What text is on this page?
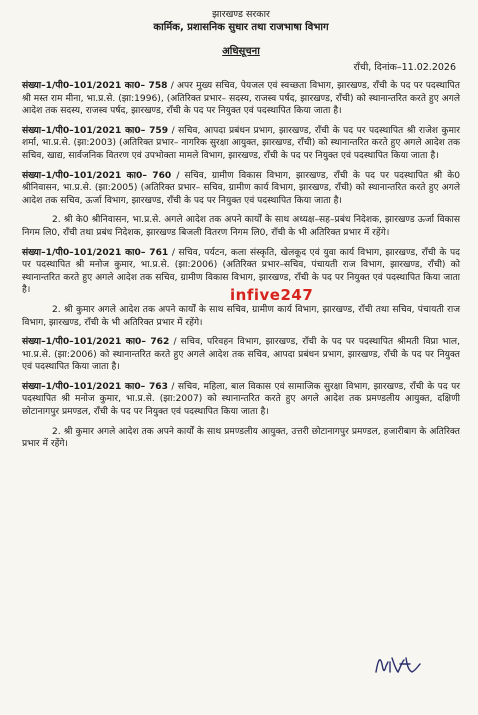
झारखण्ड सरकार
कार्मिक, प्रशासनिक सुधार तथा राजभाषा विभाग
अधिसूचना
रॉंची, दिनांक–11.02.2026
संख्या–1/पी0–101/2021 का0– 758 / अपर मुख्य सचिव, पेयजल एवं स्वच्छता विभाग, झारखण्ड, रॉंची के पद पर पदस्थापित श्री मस्त राम मीना, भा.प्र.से. (झा:1996), (अतिरिक्त प्रभार– सदस्य, राजस्व पर्षद, झारखण्ड, रॉंची) को स्थानान्तरित करते हुए अगले आदेश तक सदस्य, राजस्व पर्षद, झारखण्ड, रॉंची के पद पर नियुक्त एवं पदस्थापित किया जाता है।
संख्या–1/पी0–101/2021 का0– 759 / सचिव, आपदा प्रबंधन प्रभाग, झारखण्ड, रॉंची के पद पर पदस्थापित श्री राजेश कुमार शर्मा, भा.प्र.से. (झा:2003) (अतिरिक्त प्रभार– नागरिक सुरक्षा आयुक्त, झारखण्ड, रॉंची) को स्थानान्तरित करते हुए अगले आदेश तक सचिव, खाद्य, सार्वजनिक वितरण एवं उपभोक्ता मामले विभाग, झारखण्ड, रॉंची के पद पर नियुक्त एवं पदस्थापित किया जाता है।
संख्या–1/पी0–101/2021 का0– 760 / सचिव, ग्रामीण विकास विभाग, झारखण्ड, रॉंची के पद पर पदस्थापित श्री के0 श्रीनिवासन, भा.प्र.से. (झा:2005) (अतिरिक्त प्रभार– सचिव, ग्रामीण कार्य विभाग, झारखण्ड, रॉंची) को स्थानान्तरित करते हुए अगले आदेश तक सचिव, ऊर्जा विभाग, झारखण्ड, रॉंची के पद पर नियुक्त एवं पदस्थापित किया जाता है।
2. श्री के0 श्रीनिवासन, भा.प्र.से. अगले आदेश तक अपने कार्यों के साथ अध्यक्ष–सह–प्रबंध निदेशक, झारखण्ड ऊर्जा विकास निगम लि0, रॉंची तथा प्रबंध निदेशक, झारखण्ड बिजली वितरण निगम लि0, रॉंची के भी अतिरिक्त प्रभार में रहेंगे।
संख्या–1/पी0–101/2021 का0– 761 / सचिव, पर्यटन, कला संस्कृति, खेलकूद एवं युवा कार्य विभाग, झारखण्ड, रॉंची के पद पर पदस्थापित श्री मनोज कुमार, भा.प्र.से. (झा:2006) (अतिरिक्त प्रभार–सचिव, पंचायती राज विभाग, झारखण्ड, रॉंची) को स्थानान्तरित करते हुए अगले आदेश तक सचिव, ग्रामीण विकास विभाग, झारखण्ड, रॉंची के पद पर नियुक्त एवं पदस्थापित किया जाता है।
2. श्री कुमार अगले आदेश तक अपने कार्यों के साथ सचिव, ग्रामीण कार्य विभाग, झारखण्ड, रॉंची तथा सचिव, पंचायती राज विभाग, झारखण्ड, रॉंची के भी अतिरिक्त प्रभार में रहेंगे।
संख्या–1/पी0–101/2021 का0– 762 / सचिव, परिवहन विभाग, झारखण्ड, रॉंची के पद पर पदस्थापित श्रीमती विप्रा भाल, भा.प्र.से. (झा:2006) को स्थानान्तरित करते हुए अगले आदेश तक सचिव, आपदा प्रबंधन प्रभाग, झारखण्ड, रॉंची के पद पर नियुक्त एवं पदस्थापित किया जाता है।
संख्या–1/पी0–101/2021 का0– 763 / सचिव, महिला, बाल विकास एवं सामाजिक सुरक्षा विभाग, झारखण्ड, रॉंची के पद पर पदस्थापित श्री मनोज कुमार, भा.प्र.से. (झा:2007) को स्थानान्तरित करते हुए अगले आदेश तक प्रमण्डलीय आयुक्त, दक्षिणी छोटानागपुर प्रमण्डल, रॉंची के पद पर नियुक्त एवं पदस्थापित किया जाता है।
2. श्री कुमार अगले आदेश तक अपने कार्यों के साथ प्रमण्डलीय आयुक्त, उत्तरी छोटानागपुर प्रमण्डल, हजारीबाग के अतिरिक्त प्रभार में रहेंगे।
infive247
